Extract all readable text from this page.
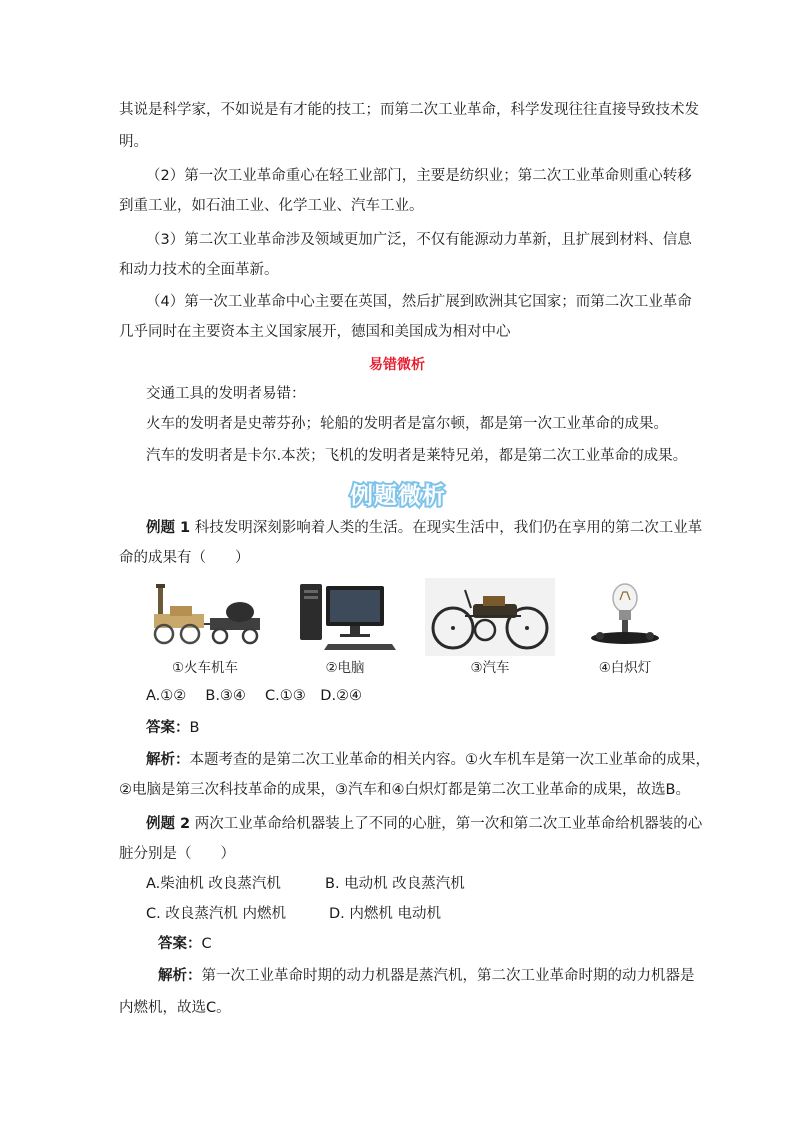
其说是科学家，不如说是有才能的技工；而第二次工业革命，科学发现往往直接导致技术发
明。
（2）第一次工业革命重心在轻工业部门，主要是纺织业；第二次工业革命则重心转移
到重工业，如石油工业、化学工业、汽车工业。
（3）第二次工业革命涉及领域更加广泛，不仅有能源动力革新，且扩展到材料、信息
和动力技术的全面革新。
（4）第一次工业革命中心主要在英国，然后扩展到欧洲其它国家；而第二次工业革命
几乎同时在主要资本主义国家展开，德国和美国成为相对中心
易错微析
交通工具的发明者易错：
火车的发明者是史蒂芬孙；轮船的发明者是富尔顿，都是第一次工业革命的成果。
汽车的发明者是卡尔.本茨；飞机的发明者是莱特兄弟，都是第二次工业革命的成果。
例题微析
例题 1 科技发明深刻影响着人类的生活。在现实生活中，我们仍在享用的第二次工业革
命的成果有（　　）
①火车机车	②电脑	③汽车	④白炽灯
A.①②　 B.③④　 C.①③　D.②④
答案：B
解析：本题考查的是第二次工业革命的相关内容。①火车机车是第一次工业革命的成果，
②电脑是第三次科技革命的成果，③汽车和④白炽灯都是第二次工业革命的成果，故选B。
例题 2 两次工业革命给机器装上了不同的心脏，第一次和第二次工业革命给机器装的心
脏分别是（　　）
A.柴油机 改良蒸汽机	B. 电动机 改良蒸汽机
C. 改良蒸汽机 内燃机	D. 内燃机 电动机
答案：C
解析：第一次工业革命时期的动力机器是蒸汽机，第二次工业革命时期的动力机器是
内燃机，故选C。
